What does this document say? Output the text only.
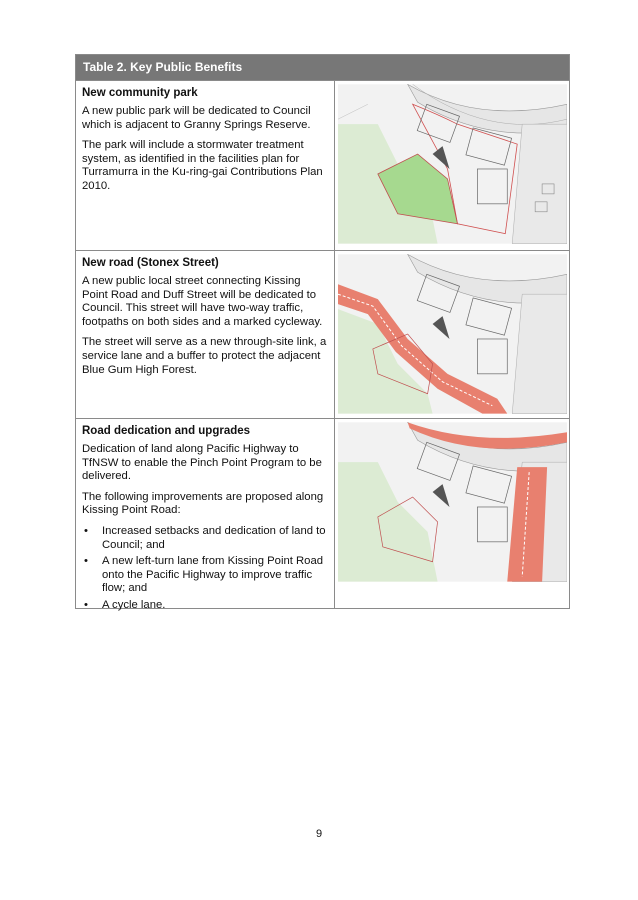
Table 2. Key Public Benefits
New community park

A new public park will be dedicated to Council which is adjacent to Granny Springs Reserve.

The park will include a stormwater treatment system, as identified in the facilities plan for Turramurra in the Ku-ring-gai Contributions Plan 2010.

New road (Stonex Street)

A new public local street connecting Kissing Point Road and Duff Street will be dedicated to Council. This street will have two-way traffic, footpaths on both sides and a marked cycleway.

The street will serve as a new through-site link, a service lane and a buffer to protect the adjacent Blue Gum High Forest.

Road dedication and upgrades

Dedication of land along Pacific Highway to TfNSW to enable the Pinch Point Program to be delivered.

The following improvements are proposed along Kissing Point Road:

• Increased setbacks and dedication of land to Council; and
• A new left-turn lane from Kissing Point Road onto the Pacific Highway to improve traffic flow; and
• A cycle lane.
9
